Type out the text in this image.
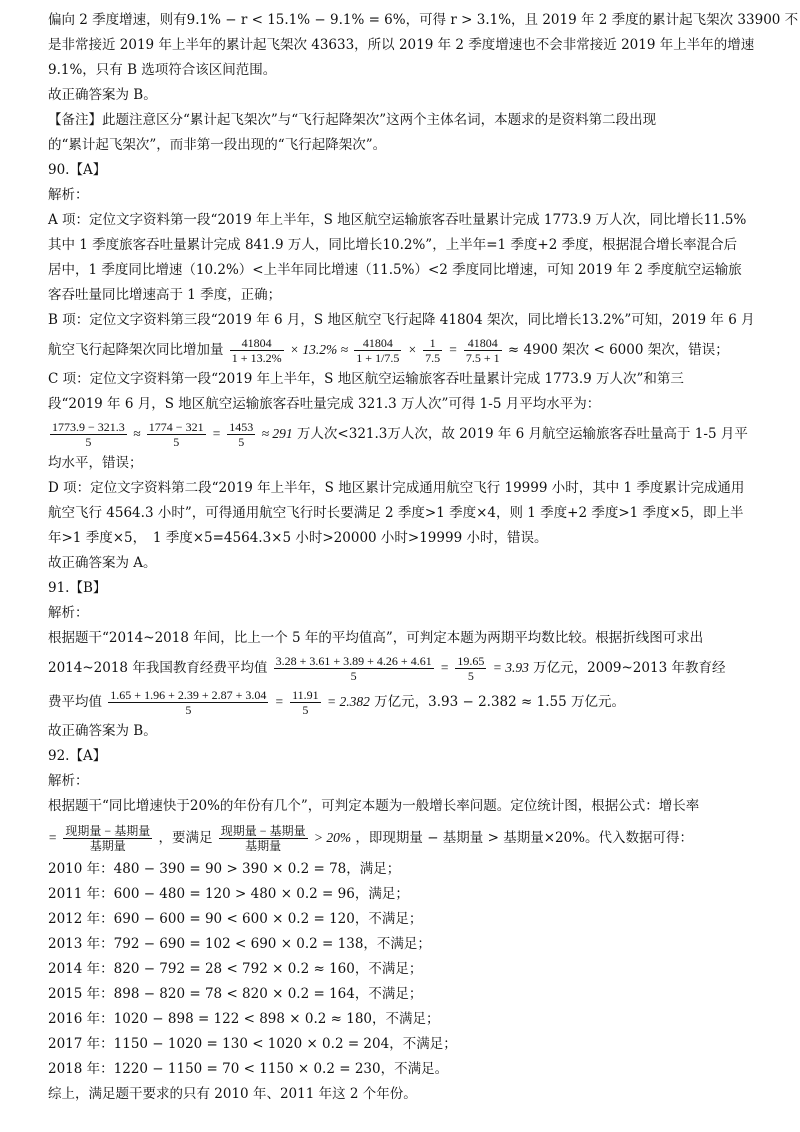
偏向 2 季度增速，则有9.1% − r < 15.1% − 9.1% = 6%，可得 r > 3.1%，且 2019 年 2 季度的累计起飞架次 33900 不
是非常接近 2019 年上半年的累计起飞架次 43633，所以 2019 年 2 季度增速也不会非常接近 2019 年上半年的增速
9.1%，只有 B 选项符合该区间范围。
故正确答案为 B。
【备注】此题注意区分“累计起飞架次”与“飞行起降架次”这两个主体名词，本题求的是资料第二段出现
的“累计起飞架次”，而非第一段出现的“飞行起降架次”。
90.【A】
解析：
A 项：定位文字资料第一段“2019 年上半年，S 地区航空运输旅客吞吐量累计完成 1773.9 万人次，同比增长11.5%
其中 1 季度旅客吞吐量累计完成 841.9 万人，同比增长10.2%”，上半年=1 季度+2 季度，根据混合增长率混合后
居中，1 季度同比增速（10.2%）<上半年同比增速（11.5%）<2 季度同比增速，可知 2019 年 2 季度航空运输旅
客吞吐量同比增速高于 1 季度，正确；
B 项：定位文字资料第三段“2019 年 6 月，S 地区航空飞行起降 41804 架次，同比增长13.2%”可知，2019 年 6 月
航空飞行起降架次同比增加量 $\frac{41804}{1 + 13.2\%} \times 13.2\% \approx \frac{41804}{1 + 1/7.5} \times \frac{1}{7.5} = \frac{41804}{7.5 + 1} \approx 4900$ 架次 < 6000 架次，错误；
C 项：定位文字资料第一段“2019 年上半年，S 地区航空运输旅客吞吐量累计完成 1773.9 万人次”和第三
段“2019 年 6 月，S 地区航空运输旅客吞吐量完成 321.3 万人次”可得 1-5 月平均水平为：
$\frac{1773.9 - 321.3}{5} \approx \frac{1774 - 321}{5} = \frac{1453}{5} \approx 291$ 万人次<321.3万人次，故 2019 年 6 月航空运输旅客吞吐量高于 1-5 月平
均水平，错误；
D 项：定位文字资料第二段“2019 年上半年，S 地区累计完成通用航空飞行 19999 小时，其中 1 季度累计完成通用
航空飞行 4564.3 小时”，可得通用航空飞行时长要满足 2 季度>1 季度×4，则 1 季度+2 季度>1 季度×5，即上半
年>1 季度×5，　1 季度×5=4564.3×5 小时>20000 小时>19999 小时，错误。
故正确答案为 A。
91.【B】
解析：
根据题干“2014~2018 年间，比上一个 5 年的平均值高”，可判定本题为两期平均数比较。根据折线图可求出
2014~2018 年我国教育经费平均值 $\frac{3.28 + 3.61 + 3.89 + 4.26 + 4.61}{5} = \frac{19.65}{5} = 3.93$ 万亿元，2009~2013 年教育经
费平均值 $\frac{1.65 + 1.96 + 2.39 + 2.87 + 3.04}{5} = \frac{11.91}{5} = 2.382$ 万亿元，3.93 − 2.382 ≈ 1.55 万亿元。
故正确答案为 B。
92.【A】
解析：
根据题干“同比增速快于20%的年份有几个”，可判定本题为一般增长率问题。定位统计图，根据公式：增长率
= $\frac{\text{现期量 − 基期量}}{\text{基期量}}$ ，要满足 $\frac{\text{现期量 − 基期量}}{\text{基期量}} > 20\%$ ，即现期量 − 基期量 > 基期量×20%。代入数据可得：
2010 年：480 − 390 = 90 > 390 × 0.2 = 78，满足；
2011 年：600 − 480 = 120 > 480 × 0.2 = 96，满足；
2012 年：690 − 600 = 90 < 600 × 0.2 = 120，不满足；
2013 年：792 − 690 = 102 < 690 × 0.2 = 138，不满足；
2014 年：820 − 792 = 28 < 792 × 0.2 ≈ 160，不满足；
2015 年：898 − 820 = 78 < 820 × 0.2 = 164，不满足；
2016 年：1020 − 898 = 122 < 898 × 0.2 ≈ 180，不满足；
2017 年：1150 − 1020 = 130 < 1020 × 0.2 = 204，不满足；
2018 年：1220 − 1150 = 70 < 1150 × 0.2 = 230，不满足。
综上，满足题干要求的只有 2010 年、2011 年这 2 个年份。
